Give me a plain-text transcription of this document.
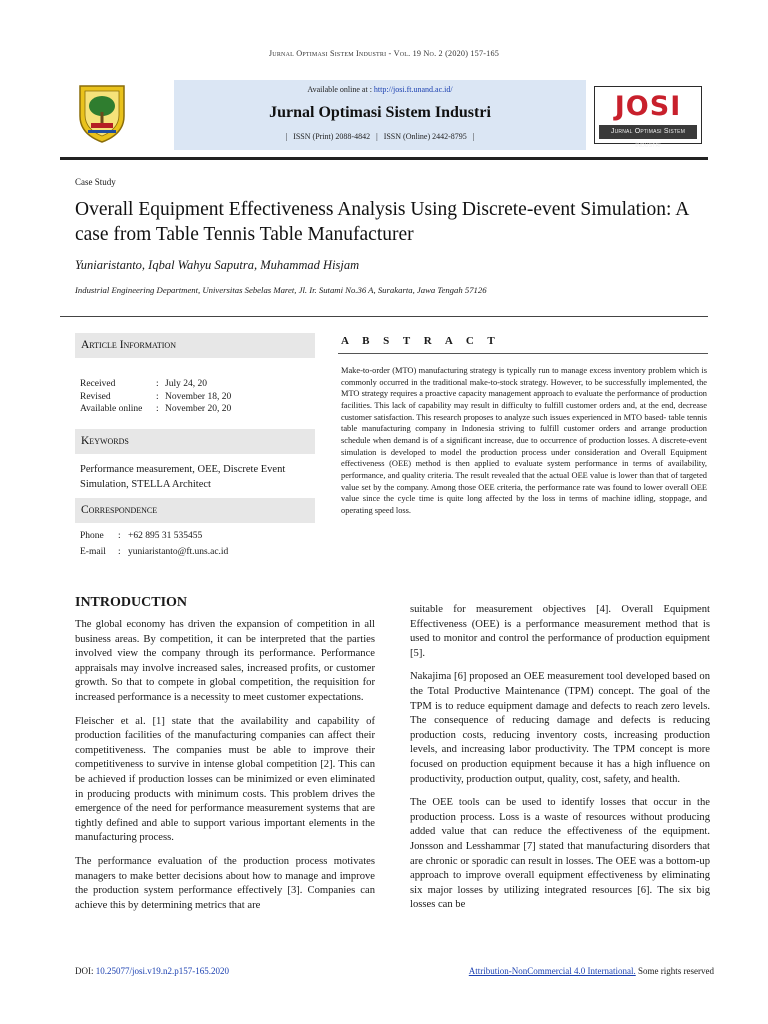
Jurnal Optimasi Sistem Industri - Vol. 19 No. 2 (2020) 157-165
Available online at : http://josi.ft.unand.ac.id/
Jurnal Optimasi Sistem Industri
|   ISSN (Print) 2088-4842   |   ISSN (Online) 2442-8795   |
JOSI
Jurnal Optimasi Sistem Industri
Case Study
Overall Equipment Effectiveness Analysis Using Discrete-event Simulation: A case from Table Tennis Table Manufacturer
Yuniaristanto, Iqbal Wahyu Saputra, Muhammad Hisjam
Industrial Engineering Department, Universitas Sebelas Maret, Jl. Ir. Sutami No.36 A, Surakarta, Jawa Tengah 57126
Article Information
Received	: July 24, 20
Revised	: November 18, 20
Available online : November 20, 20
Keywords
Performance measurement, OEE, Discrete Event Simulation, STELLA Architect
Correspondence
Phone : +62 895 31 535455
E-mail : yuniaristanto@ft.uns.ac.id
A B S T R A C T
Make-to-order (MTO) manufacturing strategy is typically run to manage excess inventory problem which is commonly occurred in the traditional make-to-stock strategy. However, to be successfully implemented, the MTO strategy requires a proactive capacity management approach to evaluate the performance of production facilities. This lack of capability may result in difficulty to fulfill customer orders and, at the end, decrease customer satisfaction. This research proposes to analyze such issues experienced in MTO based- table tennis table manufacturing company in Indonesia striving to fulfill customer orders and arrange production schedule when demand is of a significant increase, due to occurrence of production losses. A discrete-event simulation is developed to model the production process under consideration and Overall Equipment effectiveness (OEE) method is then applied to evaluate system performance in terms of availability, performance, and quality criteria. The result revealed that the actual OEE value is lower than that of targeted value set by the company. Among those OEE criteria, the performance rate was found to lower overall OEE value since the cycle time is quite long affected by the loss in terms of machine idling, stoppage, and operating speed loss.
INTRODUCTION

The global economy has driven the expansion of competition in all business areas. By competition, it can be interpreted that the parties involved view the company through its performance. Performance appraisals may involve increased sales, increased profits, or customer growth. So that to compete in global competition, the requisition for increased performance is a necessity to meet customer expectations.

Fleischer et al. [1] state that the availability and capability of production facilities of the manufacturing companies can affect their competitiveness. The companies must be able to improve their competitiveness to survive in intense global competition [2]. This can be achieved if production losses can be minimized or even eliminated in producing products with minimum costs. This problem drives the emergence of the need for performance measurement systems that are tightly defined and able to support various important elements in the manufacturing process.

The performance evaluation of the production process motivates managers to make better decisions about how to manage and improve the production system performance effectively [3]. Companies can achieve this by determining metrics that are

suitable for measurement objectives [4]. Overall Equipment Effectiveness (OEE) is a performance measurement method that is used to monitor and control the performance of production equipment [5].

Nakajima [6] proposed an OEE measurement tool developed based on the Total Productive Maintenance (TPM) concept. The goal of the TPM is to reduce equipment damage and defects to reach zero levels. The consequence of reducing damage and defects is reducing production costs, reducing inventory costs, increasing production levels, and increasing labor productivity. The TPM concept is more focused on production equipment because it has a high influence on productivity, production output, quality, cost, safety, and health.

The OEE tools can be used to identify losses that occur in the production process. Loss is a waste of resources without producing added value that can reduce the effectiveness of the equipment. Jonsson and Lesshammar [7] stated that manufacturing disorders that are chronic or sporadic can result in losses. The OEE was a bottom-up approach to improve overall equipment effectiveness by eliminating six major losses by utilizing integrated resources [6]. The six big losses can be

DOI: 10.25077/josi.v19.n2.p157-165.2020	Attribution-NonCommercial 4.0 International. Some rights reserved
